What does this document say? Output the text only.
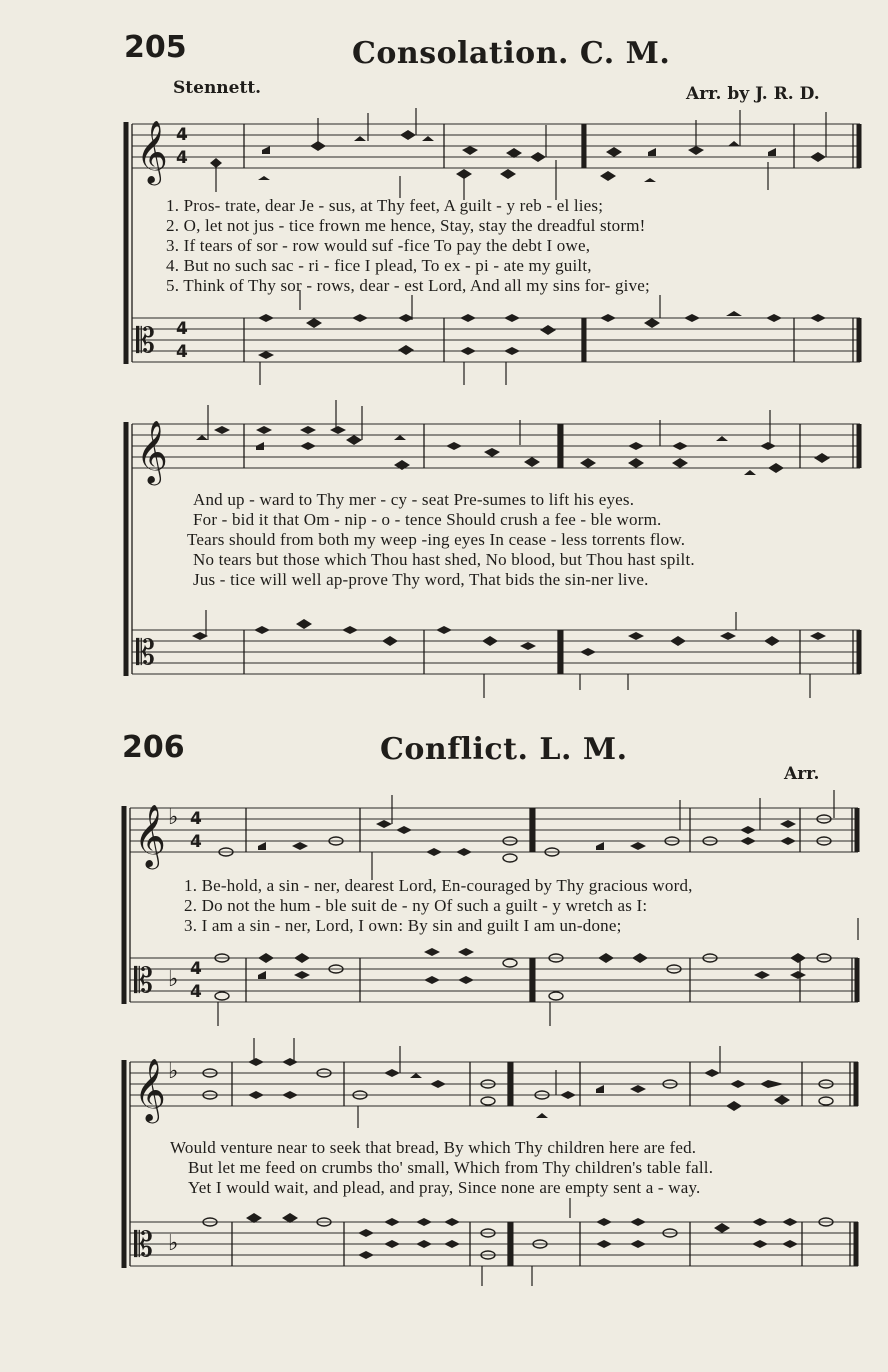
205	Consolation. C. M.
Stennett.	Arr. by J. R. D.
𝄞 4
4
𝄡 4
4
𝄞
𝄡
𝄞 ♭ 4
4
𝄡 ♭ 4
4
𝄞 ♭
𝄡 ♭
1. Pros- trate, dear Je - sus, at Thy feet, A guilt - y reb - el lies;
2. O, let not jus - tice frown me hence, Stay, stay the dreadful storm!
3. If tears of sor - row would suf -fice To pay the debt I owe,
4. But no such sac - ri - fice I plead, To ex - pi - ate my guilt,
5. Think of Thy sor - rows, dear - est Lord, And all my sins for- give;
And up - ward to Thy mer - cy - seat Pre-sumes to lift his eyes.
For - bid it that Om - nip - o - tence Should crush a fee - ble worm.
Tears should from both my weep -ing eyes In cease - less torrents flow.
No tears but those which Thou hast shed, No blood, but Thou hast spilt.
Jus - tice will well ap-prove Thy word, That bids the sin-ner live.
206	Conflict. L. M.
Arr.
1. Be-hold, a sin - ner, dearest Lord, En-couraged by Thy gracious word,
2. Do not the hum - ble suit de - ny Of such a guilt - y wretch as I:
3. I am a sin - ner, Lord, I own: By sin and guilt I am un-done;
Would venture near to seek that bread, By which Thy children here are fed.
But let me feed on crumbs tho' small, Which from Thy children's table fall.
Yet I would wait, and plead, and pray, Since none are empty sent a - way.
